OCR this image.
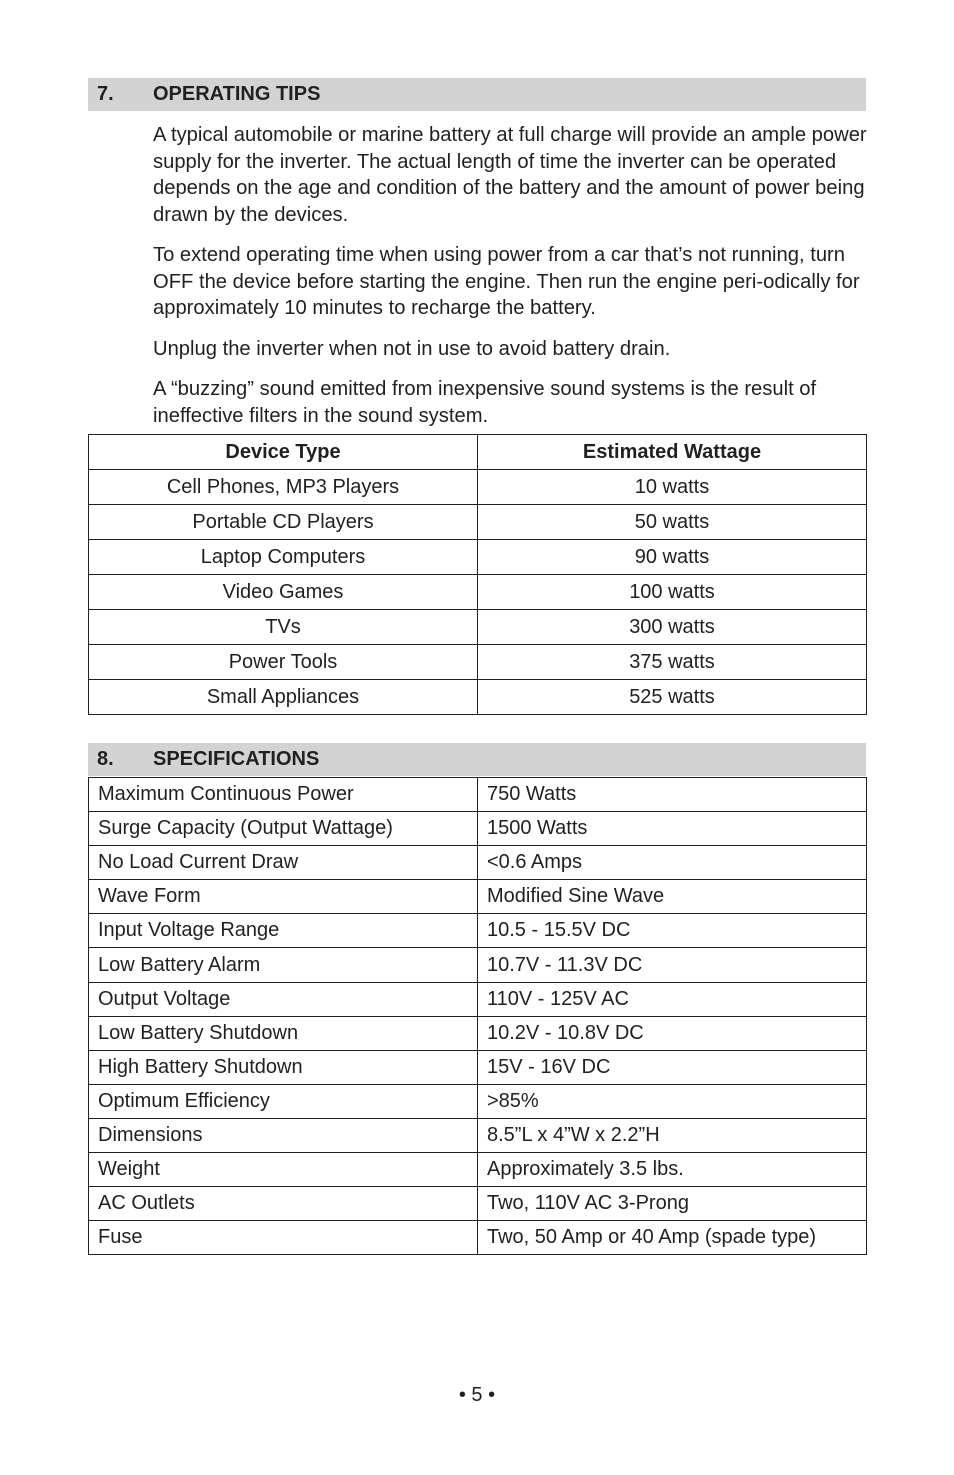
7. OPERATING TIPS

A typical automobile or marine battery at full charge will provide an ample power supply for the inverter. The actual length of time the inverter can be operated depends on the age and condition of the battery and the amount of power being drawn by the devices.

To extend operating time when using power from a car that’s not running, turn OFF the device before starting the engine. Then run the engine peri-odically for approximately 10 minutes to recharge the battery.

Unplug the inverter when not in use to avoid battery drain.

A “buzzing” sound emitted from inexpensive sound systems is the result of ineffective filters in the sound system.

Device Type	Estimated Wattage
Cell Phones, MP3 Players	10 watts
Portable CD Players	50 watts
Laptop Computers	90 watts
Video Games	100 watts
TVs	300 watts
Power Tools	375 watts
Small Appliances	525 watts
8. SPECIFICATIONS
Maximum Continuous Power	750 Watts
Surge Capacity (Output Wattage)	1500 Watts
No Load Current Draw	<0.6 Amps
Wave Form	Modified Sine Wave
Input Voltage Range	10.5 - 15.5V DC
Low Battery Alarm	10.7V - 11.3V DC
Output Voltage	110V - 125V AC
Low Battery Shutdown	10.2V - 10.8V DC
High Battery Shutdown	15V - 16V DC
Optimum Efficiency	>85%
Dimensions	8.5”L x 4”W x 2.2”H
Weight	Approximately 3.5 lbs.
AC Outlets	Two, 110V AC 3-Prong
Fuse	Two, 50 Amp or 40 Amp (spade type)
• 5 •
